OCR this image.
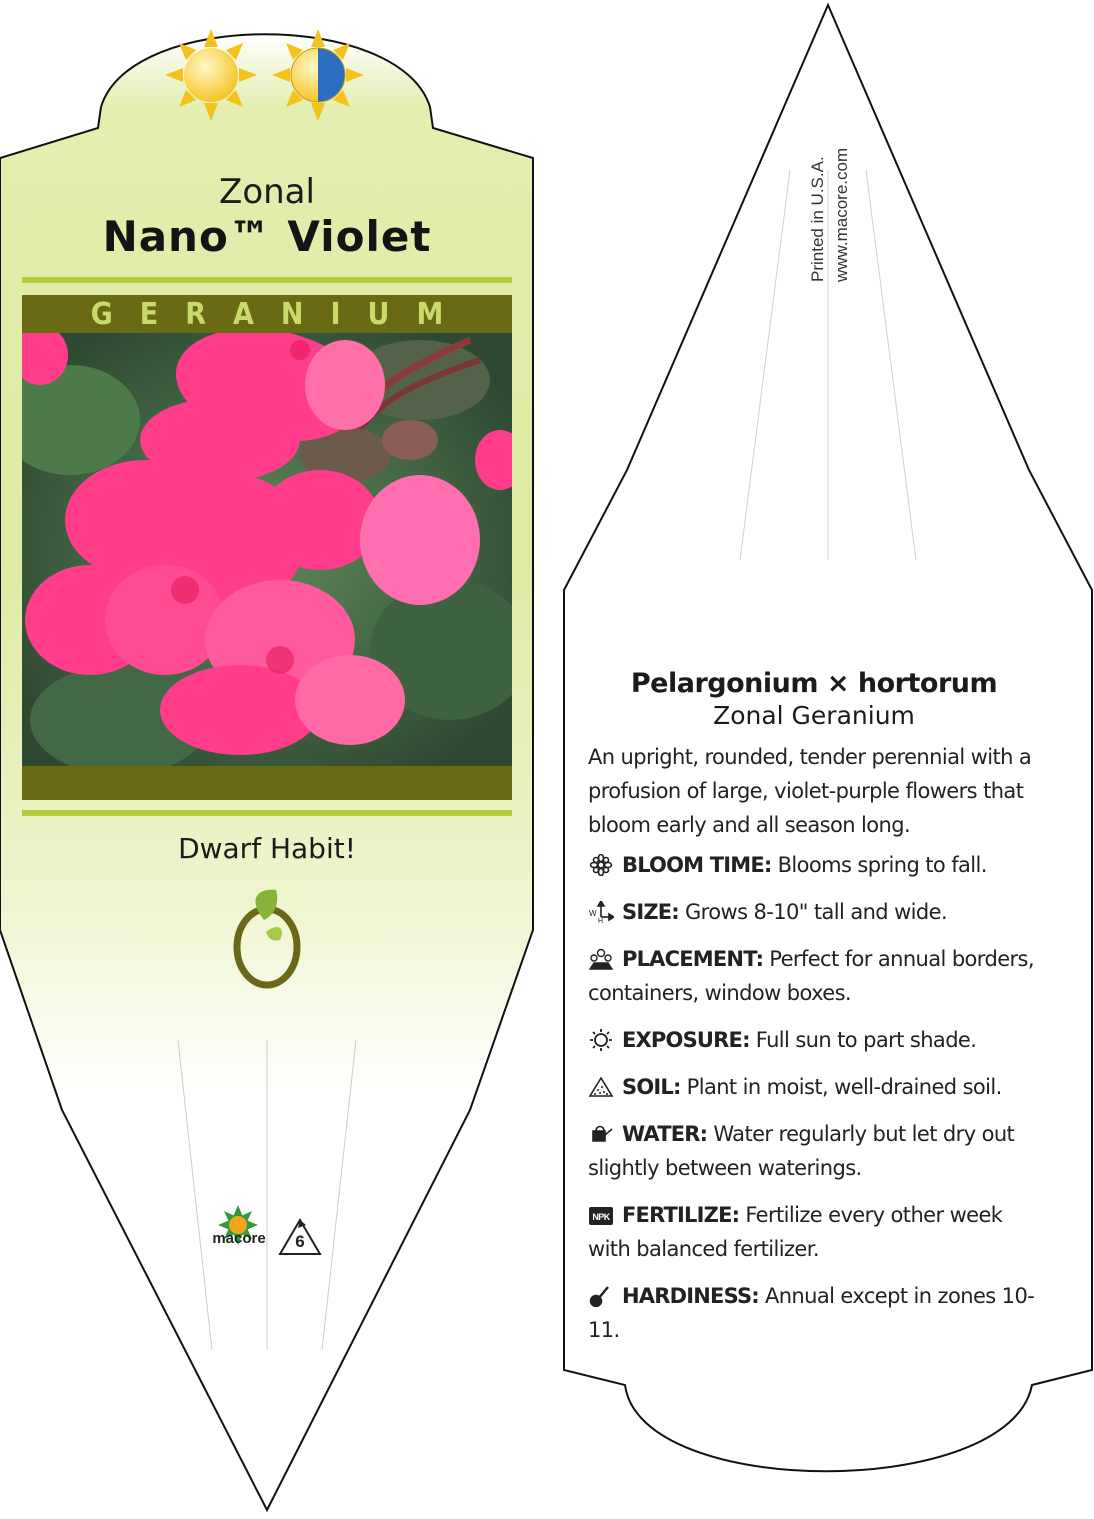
Zonal

Nano™ Violet

GERANIUM

Dwarf Habit!

macore	6
Printed in U.S.A. www.macore.com

Pelargonium × hortorum

Zonal Geranium

An upright, rounded, tender perennial with a profusion of large, violet-purple flowers that bloom early and all season long.

BLOOM TIME: Blooms spring to fall.

W
H SIZE: Grows 8-10" tall and wide.

PLACEMENT: Perfect for annual borders, containers, window boxes.

EXPOSURE: Full sun to part shade.

SOIL: Plant in moist, well-drained soil.

WATER: Water regularly but let dry out slightly between waterings.

NPK FERTILIZE: Fertilize every other week with balanced fertilizer.

HARDINESS: Annual except in zones 10-11.
